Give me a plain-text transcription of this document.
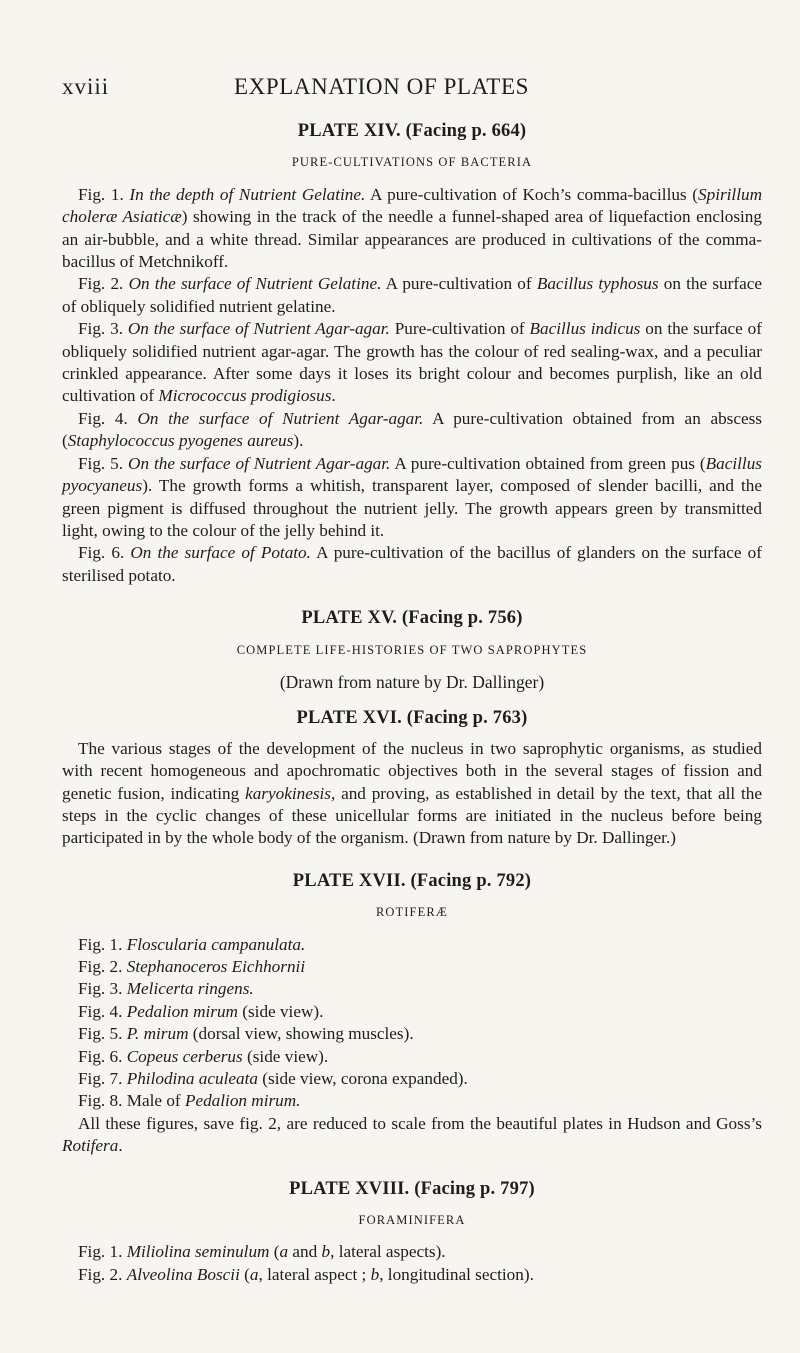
xviii	EXPLANATION OF PLATES
PLATE XIV. (Facing p. 664)
PURE-CULTIVATIONS OF BACTERIA

Fig. 1. In the depth of Nutrient Gelatine. A pure-cultivation of Koch’s comma-bacillus (Spirillum choleræ Asiaticæ) showing in the track of the needle a funnel-shaped area of liquefaction enclosing an air-bubble, and a white thread. Similar appearances are produced in cultivations of the comma-bacillus of Metchnikoff.

Fig. 2. On the surface of Nutrient Gelatine. A pure-cultivation of Bacillus typhosus on the surface of obliquely solidified nutrient gelatine.

Fig. 3. On the surface of Nutrient Agar-agar. Pure-cultivation of Bacillus indicus on the surface of obliquely solidified nutrient agar-agar. The growth has the colour of red sealing-wax, and a peculiar crinkled appearance. After some days it loses its bright colour and becomes purplish, like an old cultivation of Micrococcus prodigiosus.

Fig. 4. On the surface of Nutrient Agar-agar. A pure-cultivation obtained from an abscess (Staphylococcus pyogenes aureus).

Fig. 5. On the surface of Nutrient Agar-agar. A pure-cultivation obtained from green pus (Bacillus pyocyaneus). The growth forms a whitish, transparent layer, composed of slender bacilli, and the green pigment is diffused throughout the nutrient jelly. The growth appears green by transmitted light, owing to the colour of the jelly behind it.

Fig. 6. On the surface of Potato. A pure-cultivation of the bacillus of glanders on the surface of sterilised potato.

PLATE XV. (Facing p. 756)
COMPLETE LIFE-HISTORIES OF TWO SAPROPHYTES
(Drawn from nature by Dr. Dallinger)
PLATE XVI. (Facing p. 763)

The various stages of the development of the nucleus in two saprophytic organisms, as studied with recent homogeneous and apochromatic objectives both in the several stages of fission and genetic fusion, indicating karyokinesis, and proving, as established in detail by the text, that all the steps in the cyclic changes of these unicellular forms are initiated in the nucleus before being participated in by the whole body of the organism. (Drawn from nature by Dr. Dallinger.)

PLATE XVII. (Facing p. 792)
ROTIFERÆ

Fig. 1. Floscularia campanulata.

Fig. 2. Stephanoceros Eichhornii

Fig. 3. Melicerta ringens.

Fig. 4. Pedalion mirum (side view).

Fig. 5. P. mirum (dorsal view, showing muscles).

Fig. 6. Copeus cerberus (side view).

Fig. 7. Philodina aculeata (side view, corona expanded).

Fig. 8. Male of Pedalion mirum.

All these figures, save fig. 2, are reduced to scale from the beautiful plates in Hudson and Goss’s Rotifera.

PLATE XVIII. (Facing p. 797)
FORAMINIFERA

Fig. 1. Miliolina seminulum (a and b, lateral aspects).

Fig. 2. Alveolina Boscii (a, lateral aspect ; b, longitudinal section).
